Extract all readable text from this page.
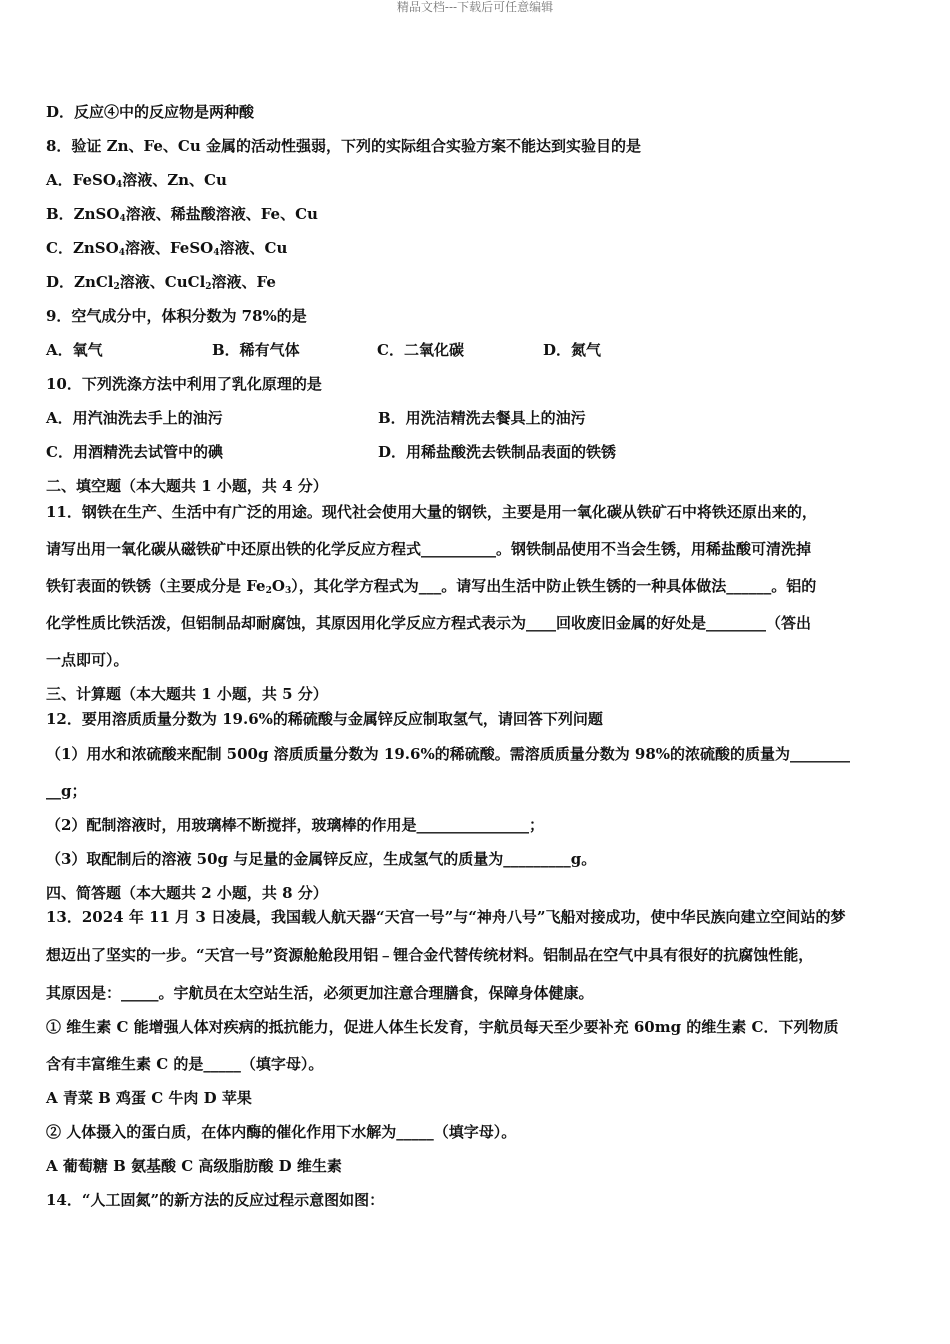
精品文档---下载后可任意编辑
D．反应④中的反应物是两种酸
8．验证 Zn、Fe、Cu 金属的活动性强弱，下列的实际组合实验方案不能达到实验目的是
A．FeSO$_4$溶液、Zn、Cu
B．ZnSO$_4$溶液、稀盐酸溶液、Fe、Cu
C．ZnSO$_4$溶液、FeSO$_4$溶液、Cu
D．ZnCl$_2$溶液、CuCl$_2$溶液、Fe
9．空气成分中，体积分数为 78%的是
A．氧气	B．稀有气体	C．二氧化碳	D．氮气
10．下列洗涤方法中利用了乳化原理的是
A．用汽油洗去手上的油污	B．用洗洁精洗去餐具上的油污
C．用酒精洗去试管中的碘	D．用稀盐酸洗去铁制品表面的铁锈
二、填空题（本大题共 1 小题，共 4 分）
11．钢铁在生产、生活中有广泛的用途。现代社会使用大量的钢铁，主要是用一氧化碳从铁矿石中将铁还原出来的，
请写出用一氧化碳从磁铁矿中还原出铁的化学反应方程式__________。钢铁制品使用不当会生锈，用稀盐酸可清洗掉
铁钉表面的铁锈（主要成分是 $Fe_2O_3$），其化学方程式为___。请写出生活中防止铁生锈的一种具体做法______。铝的
化学性质比铁活泼，但铝制品却耐腐蚀，其原因用化学反应方程式表示为____回收废旧金属的好处是________（答出
一点即可）。
三、计算题（本大题共 1 小题，共 5 分）
12．要用溶质质量分数为 19.6%的稀硫酸与金属锌反应制取氢气，请回答下列问题
（1）用水和浓硫酸来配制 500g 溶质质量分数为 19.6%的稀硫酸。需溶质质量分数为 98%的浓硫酸的质量为________
__g；
（2）配制溶液时，用玻璃棒不断搅拌，玻璃棒的作用是_______________；
（3）取配制后的溶液 50g 与足量的金属锌反应，生成氢气的质量为_________g。
四、简答题（本大题共 2 小题，共 8 分）
13．2024 年 11 月 3 日凌晨，我国载人航天器“天宫一号”与“神舟八号”飞船对接成功，使中华民族向建立空间站的梦
想迈出了坚实的一步。“天宫一号”资源舱舱段用铝﹣锂合金代替传统材料。铝制品在空气中具有很好的抗腐蚀性能，
其原因是：_____。宇航员在太空站生活，必须更加注意合理膳食，保障身体健康。
① 维生素 C 能增强人体对疾病的抵抗能力，促进人体生长发育，宇航员每天至少要补充 60mg 的维生素 C．下列物质
含有丰富维生素 C 的是_____（填字母）。
A 青菜 B 鸡蛋 C 牛肉 D 苹果
② 人体摄入的蛋白质，在体内酶的催化作用下水解为_____（填字母）。
A 葡萄糖 B 氨基酸 C 高级脂肪酸 D 维生素
14．“人工固氮”的新方法的反应过程示意图如图：
